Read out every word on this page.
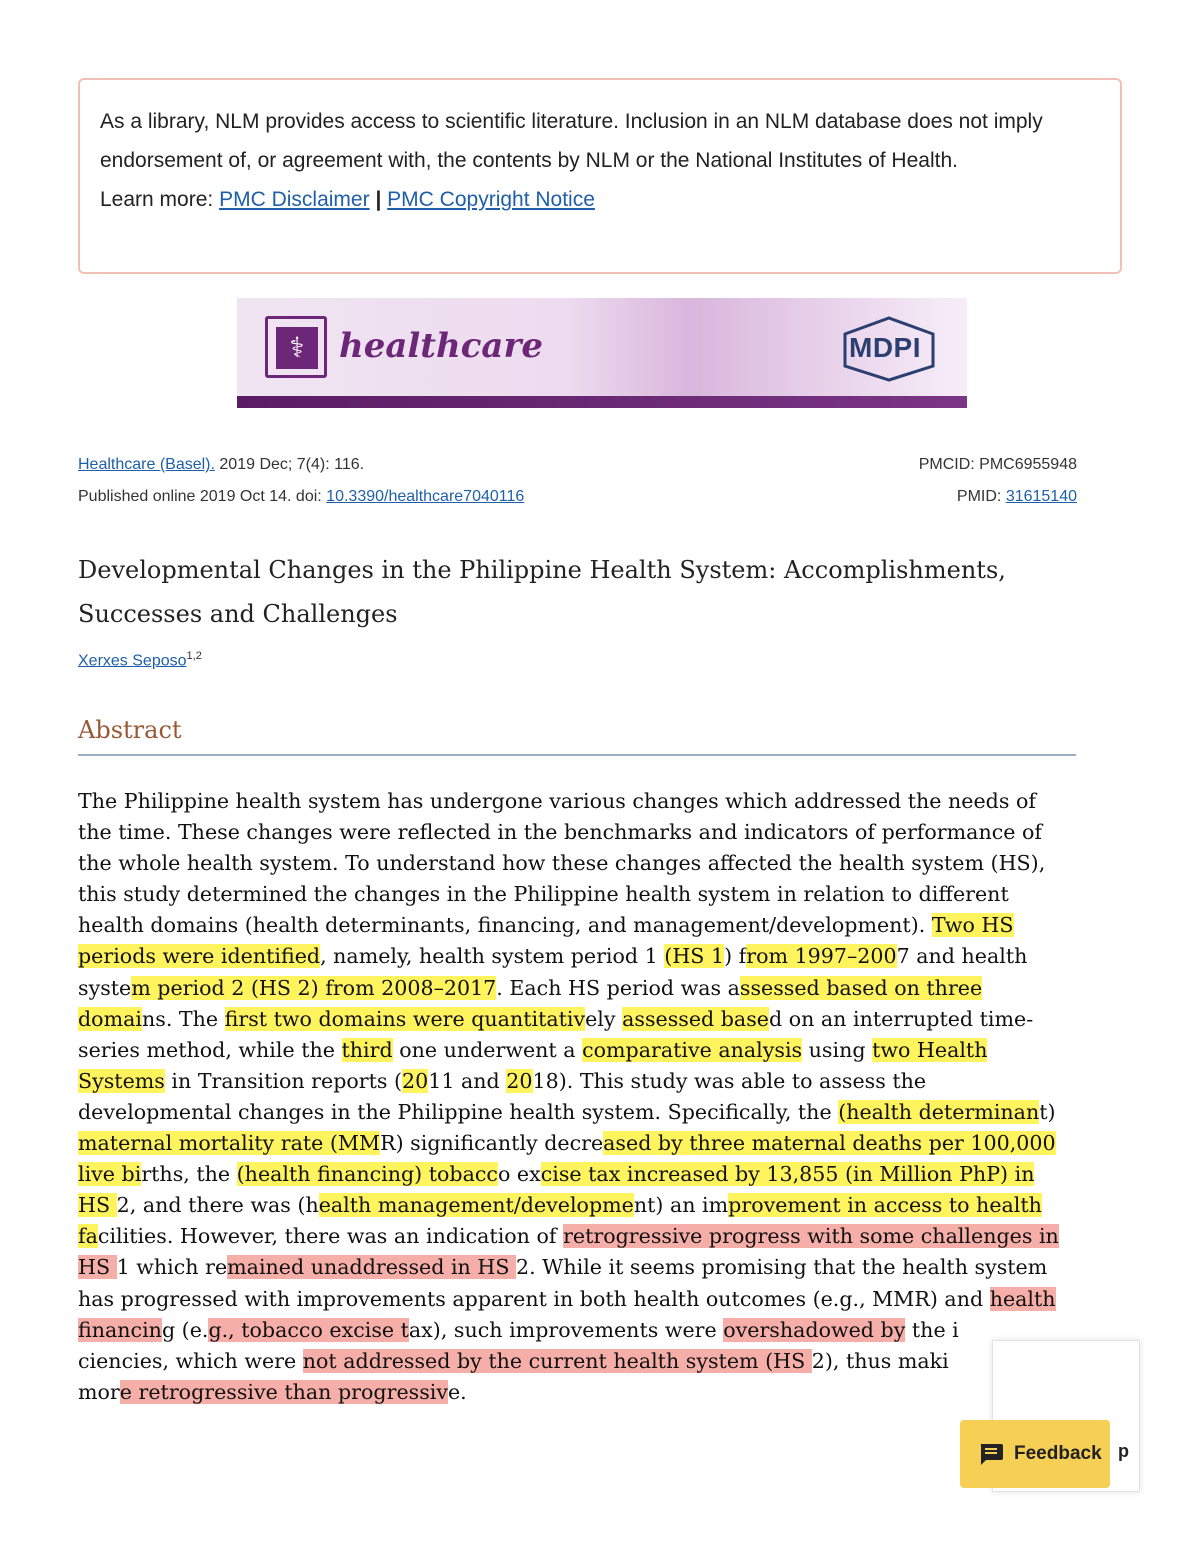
As a library, NLM provides access to scientific literature. Inclusion in an NLM database does not imply endorsement of, or agreement with, the contents by NLM or the National Institutes of Health.
Learn more: PMC Disclaimer | PMC Copyright Notice
⚕	healthcare	MDPI
Healthcare (Basel). 2019 Dec; 7(4): 116.
Published online 2019 Oct 14. doi: 10.3390/healthcare7040116
PMCID: PMC6955948
PMID: 31615140
Developmental Changes in the Philippine Health System: Accomplishments, Successes and Challenges
Xerxes Seposo$^{1,2}$
Abstract
The Philippine health system has undergone various changes which addressed the needs of the time. These changes were reflected in the benchmarks and indicators of performance of the whole health system. To understand how these changes affected the health system (HS), this study determined the changes in the Philippine health system in relation to different health domains (health determinants, financing, and management/development). Two HS periods were identified, namely, health system period 1 (HS 1) from 1997–2007 and health system period 2 (HS 2) from 2008–2017. Each HS period was assessed based on three domains. The first two domains were quantitatively assessed based on an interrupted time-series method, while the third one underwent a comparative analysis using two Health Systems in Transition reports (2011 and 2018). This study was able to assess the developmental changes in the Philippine health system. Specifically, the (health determinant) maternal mortality rate (MMR) significantly decreased by three maternal deaths per 100,000 live births, the (health financing) tobacco excise tax increased by 13,855 (in Million PhP) in HS 2, and there was (health management/development) an improvement in access to health facilities. However, there was an indication of retrogressive progress with some challenges in HS 1 which remained unaddressed in HS 2. While it seems promising that the health system has progressed with improvements apparent in both health outcomes (e.g., MMR) and health financing (e.g., tobacco excise tax), such improvements were overshadowed by the i
ciencies, which were not addressed by the current health system (HS 2), thus maki
more retrogressive than progressive.
p
Feedback
